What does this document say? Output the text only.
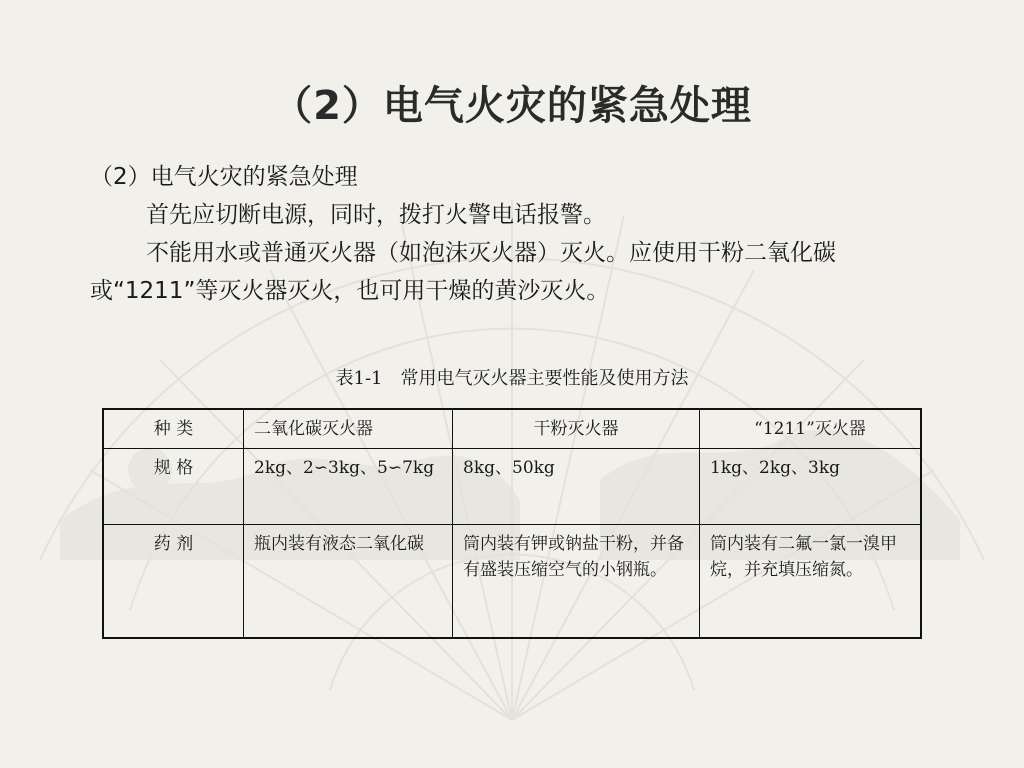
（2）电气火灾的紧急处理

（2）电气火灾的紧急处理

首先应切断电源，同时，拨打火警电话报警。

不能用水或普通灭火器（如泡沫灭火器）灭火。应使用干粉二氧化碳或“1211”等灭火器灭火，也可用干燥的黄沙灭火。

表1-1　常用电气灭火器主要性能及使用方法
种 类	二氧化碳灭火器	干粉灭火器	“1211”灭火器
规 格	2kg、2∽3kg、5∽7kg	8kg、50kg	1kg、2kg、3kg
药 剂	瓶内装有液态二氧化碳	筒内装有钾或钠盐干粉，并备有盛装压缩空气的小钢瓶。	筒内装有二氟一氯一溴甲烷，并充填压缩氮。
